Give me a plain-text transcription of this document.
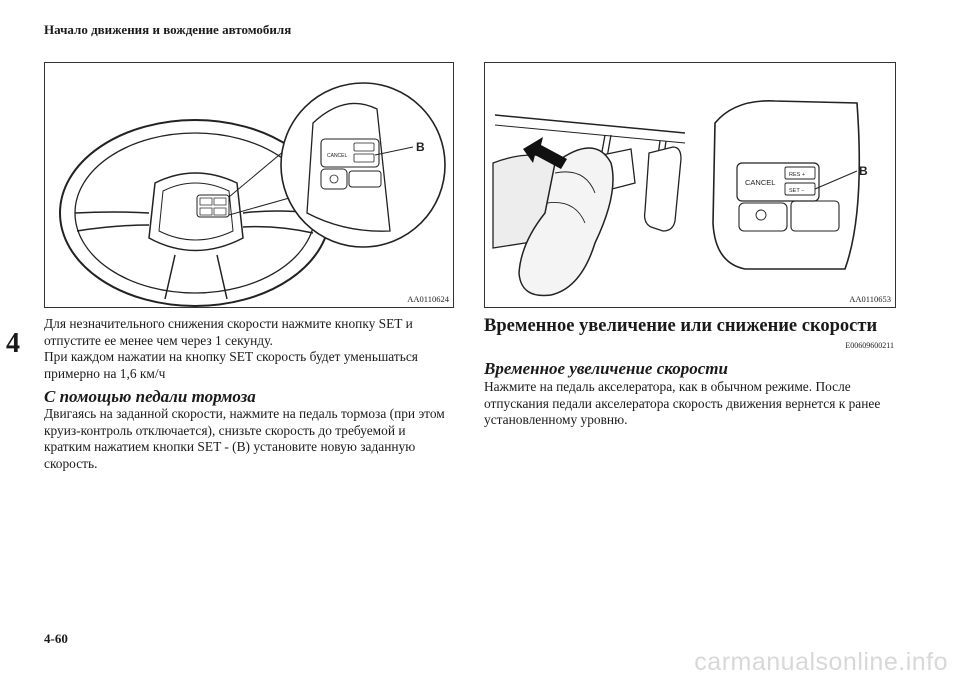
Начало движения и вождение автомобиля
4
CANCEL
B
AA0110624
CANCEL
RES +
SET −
B
AA0110653
Для незначительного снижения скорости нажмите кнопку SET и
отпустите ее менее чем через 1 секунду.
При каждом нажатии на кнопку SET скорость будет уменьшаться
примерно на 1,6 км/ч
С помощью педали тормоза
Двигаясь на заданной скорости, нажмите на педаль тормоза (при этом
круиз-контроль отключается), снизьте скорость до требуемой и
кратким нажатием кнопки SET - (B) установите новую заданную
скорость.
Временное увеличение или снижение скорости
E00609600211
Временное увеличение скорости
Нажмите на педаль акселератора, как в обычном режиме. После
отпускания педали акселератора скорость движения вернется к ранее
установленному уровню.
4-60
carmanualsonline.info
